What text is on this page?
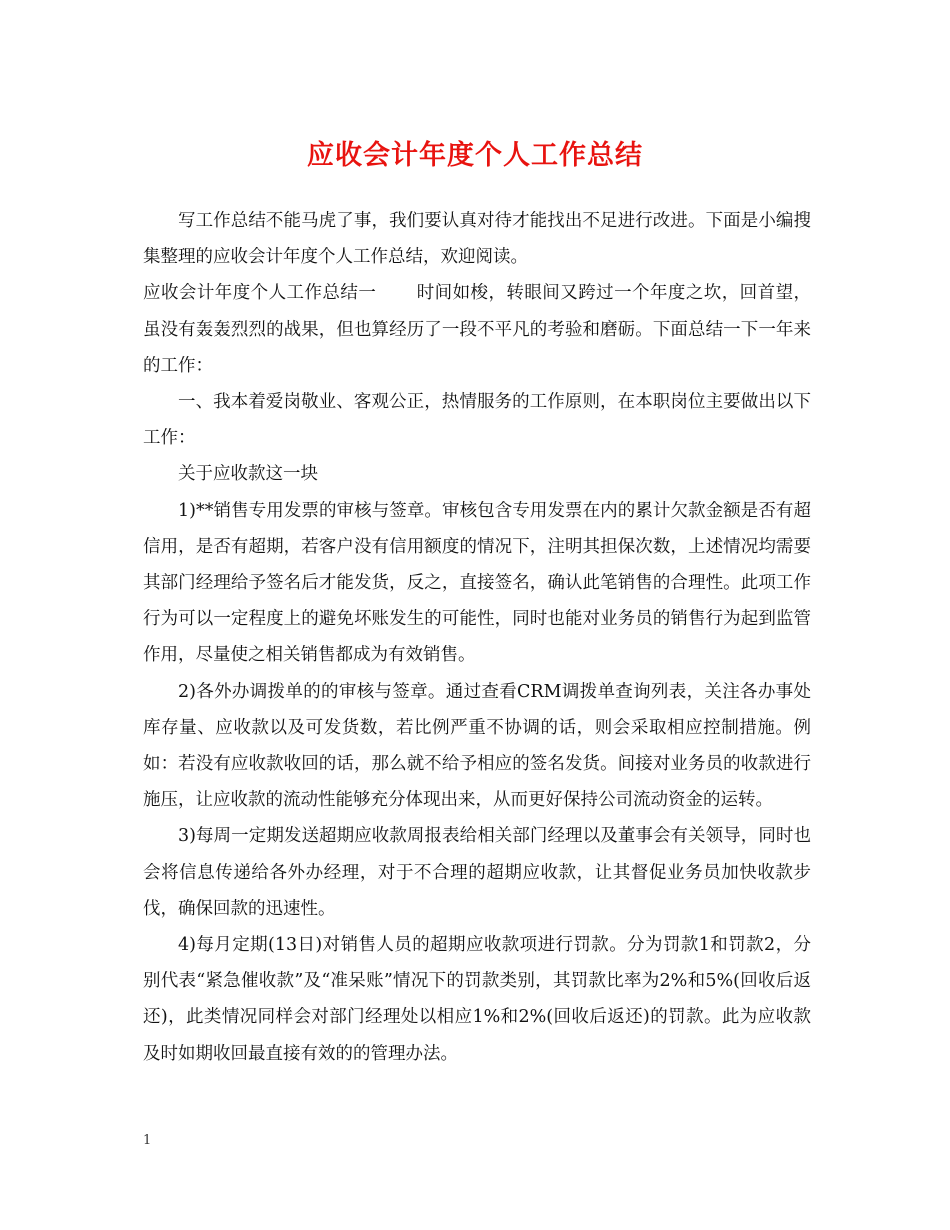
应收会计年度个人工作总结

写工作总结不能马虎了事，我们要认真对待才能找出不足进行改进。下面是小编搜集整理的应收会计年度个人工作总结，欢迎阅读。

应收会计年度个人工作总结一 时间如梭，转眼间又跨过一个年度之坎，回首望，虽没有轰轰烈烈的战果，但也算经历了一段不平凡的考验和磨砺。下面总结一下一年来的工作：

一、我本着爱岗敬业、客观公正，热情服务的工作原则，在本职岗位主要做出以下工作：

关于应收款这一块

1)**销售专用发票的审核与签章。审核包含专用发票在内的累计欠款金额是否有超信用，是否有超期，若客户没有信用额度的情况下，注明其担保次数，上述情况均需要其部门经理给予签名后才能发货，反之，直接签名，确认此笔销售的合理性。此项工作行为可以一定程度上的避免坏账发生的可能性，同时也能对业务员的销售行为起到监管作用，尽量使之相关销售都成为有效销售。

2)各外办调拨单的的审核与签章。通过查看CRM调拨单查询列表，关注各办事处库存量、应收款以及可发货数，若比例严重不协调的话，则会采取相应控制措施。例如：若没有应收款收回的话，那么就不给予相应的签名发货。间接对业务员的收款进行施压，让应收款的流动性能够充分体现出来，从而更好保持公司流动资金的运转。

3)每周一定期发送超期应收款周报表给相关部门经理以及董事会有关领导，同时也会将信息传递给各外办经理，对于不合理的超期应收款，让其督促业务员加快收款步伐，确保回款的迅速性。

4)每月定期(13日)对销售人员的超期应收款项进行罚款。分为罚款1和罚款2，分别代表“紧急催收款”及“准呆账”情况下的罚款类别，其罚款比率为2%和5%(回收后返还)，此类情况同样会对部门经理处以相应1%和2%(回收后返还)的罚款。此为应收款及时如期收回最直接有效的的管理办法。

1
